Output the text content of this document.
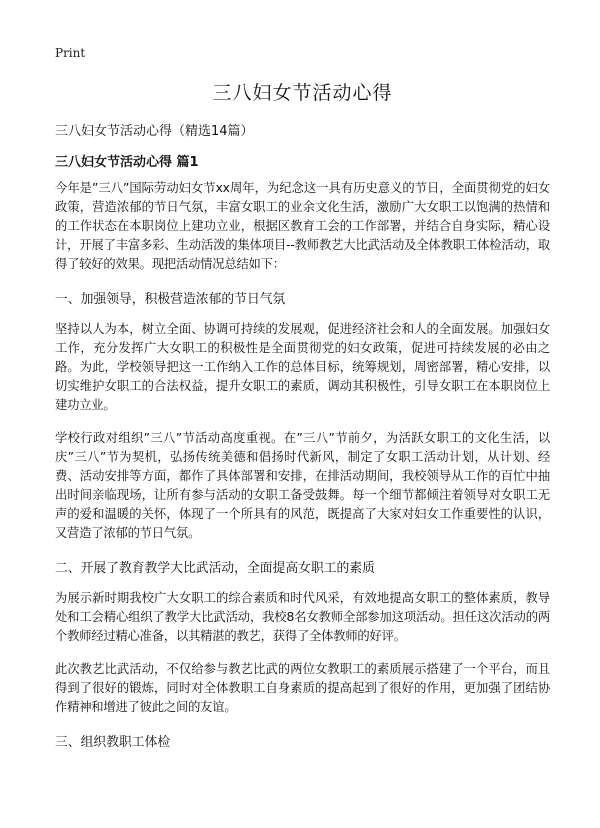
Print
三八妇女节活动心得

三八妇女节活动心得（精选14篇）

三八妇女节活动心得 篇1

今年是”三八”国际劳动妇女节xx周年，为纪念这一具有历史意义的节日，全面贯彻党的妇女政策，营造浓郁的节日气氛，丰富女职工的业余文化生活，激励广大女职工以饱满的热情和的工作状态在本职岗位上建功立业，根据区教育工会的工作部署，并结合自身实际，精心设计，开展了丰富多彩、生动活泼的集体项目--教师教艺大比武活动及全体教职工体检活动，取得了较好的效果。现把活动情况总结如下：

一、加强领导，积极营造浓郁的节日气氛

坚持以人为本，树立全面、协调可持续的发展观，促进经济社会和人的全面发展。加强妇女工作，充分发挥广大女职工的积极性是全面贯彻党的妇女政策，促进可持续发展的必由之路。为此，学校领导把这一工作纳入工作的总体目标，统筹规划，周密部署，精心安排，以切实维护女职工的合法权益，提升女职工的素质，调动其积极性，引导女职工在本职岗位上建功立业。

学校行政对组织”三八”节活动高度重视。在”三八”节前夕，为活跃女职工的文化生活，以庆”三八”节为契机，弘扬传统美德和倡扬时代新风，制定了女职工活动计划，从计划、经费、活动安排等方面，都作了具体部署和安排，在排活动期间，我校领导从工作的百忙中抽出时间亲临现场，让所有参与活动的女职工备受鼓舞。每一个细节都倾注着领导对女职工无声的爱和温暖的关怀，体现了一个所具有的风范，既提高了大家对妇女工作重要性的认识，又营造了浓郁的节日气氛。

二、开展了教育教学大比武活动，全面提高女职工的素质

为展示新时期我校广大女职工的综合素质和时代风采，有效地提高女职工的整体素质，教导处和工会精心组织了教学大比武活动，我校8名女教师全部参加这项活动。担任这次活动的两个教师经过精心准备，以其精湛的教艺，获得了全体教师的好评。

此次教艺比武活动，不仅给参与教艺比武的两位女教职工的素质展示搭建了一个平台，而且得到了很好的锻炼，同时对全体教职工自身素质的提高起到了很好的作用，更加强了团结协作精神和增进了彼此之间的友谊。

三、组织教职工体检
